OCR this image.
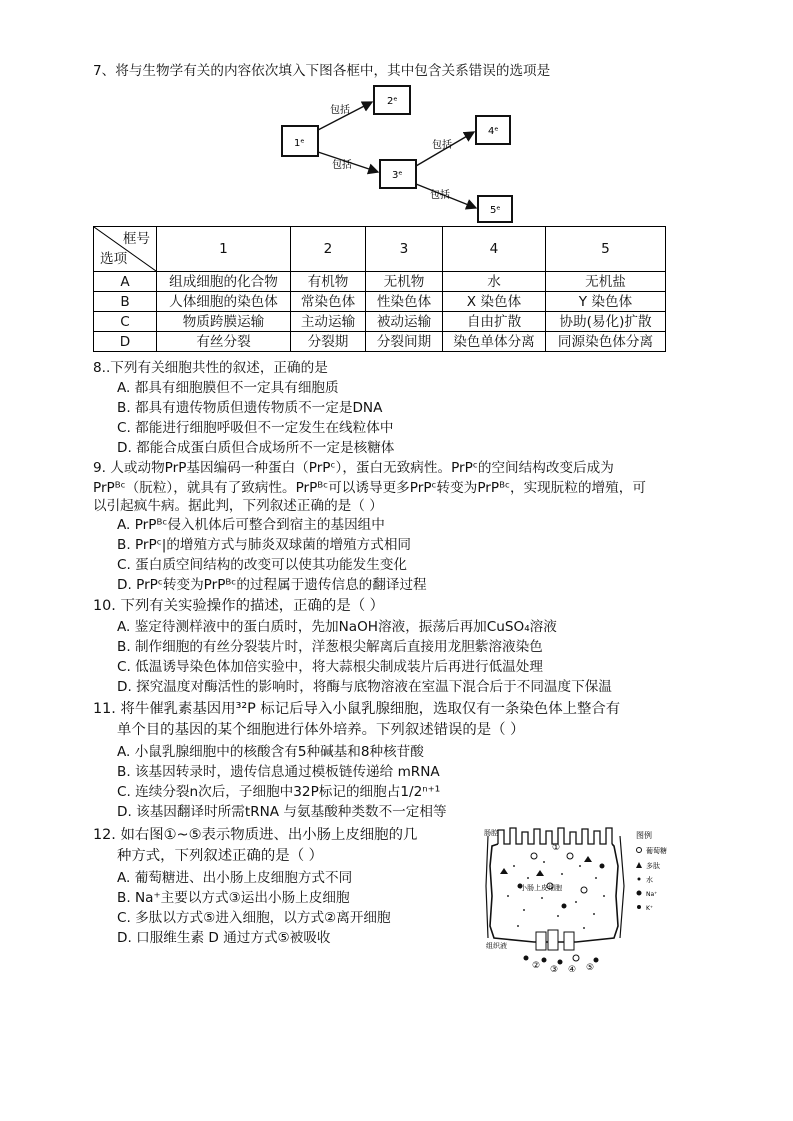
7、将与生物学有关的内容依次填入下图各框中，其中包含关系错误的选项是
1ᵉ
2ᵉ
3ᵉ
4ᵉ
5ᵉ
包括
包括
包括
包括
框号
选项	1	2	3	4	5
A	组成细胞的化合物	有机物	无机物	水	无机盐
B	人体细胞的染色体	常染色体	性染色体	X 染色体	Y 染色体
C	物质跨膜运输	主动运输	被动运输	自由扩散	协助(易化)扩散
D	有丝分裂	分裂期	分裂间期	染色单体分离	同源染色体分离
8..下列有关细胞共性的叙述，正确的是
A. 都具有细胞膜但不一定具有细胞质
B. 都具有遗传物质但遗传物质不一定是DNA
C. 都能进行细胞呼吸但不一定发生在线粒体中
D. 都能合成蛋白质但合成场所不一定是核糖体
9. 人或动物PrP基因编码一种蛋白（PrPᶜ），蛋白无致病性。PrPᶜ的空间结构改变后成为
PrPᴮᶜ（朊粒），就具有了致病性。PrPᴮᶜ可以诱导更多PrPᶜ转变为PrPᴮᶜ，实现朊粒的增殖，可
以引起疯牛病。据此判，下列叙述正确的是（ ）
A. PrPᴮᶜ侵入机体后可整合到宿主的基因组中
B. PrPᶜ|的增殖方式与肺炎双球菌的增殖方式相同
C. 蛋白质空间结构的改变可以使其功能发生变化
D. PrPᶜ转变为PrPᴮᶜ的过程属于遗传信息的翻译过程
10. 下列有关实验操作的描述，正确的是（ ）
A. 鉴定待测样液中的蛋白质时，先加NaOH溶液，振荡后再加CuSO₄溶液
B. 制作细胞的有丝分裂装片时，洋葱根尖解离后直接用龙胆紫溶液染色
C. 低温诱导染色体加倍实验中，将大蒜根尖制成装片后再进行低温处理
D. 探究温度对酶活性的影响时，将酶与底物溶液在室温下混合后于不同温度下保温
11. 将牛催乳素基因用³²P 标记后导入小鼠乳腺细胞，选取仅有一条染色体上整合有
单个目的基因的某个细胞进行体外培养。下列叙述错误的是（ ）
A. 小鼠乳腺细胞中的核酸含有5种碱基和8种核苷酸
B. 该基因转录时，遗传信息通过模板链传递给 mRNA
C. 连续分裂n次后，子细胞中32P标记的细胞占1/2ⁿ⁺¹
D. 该基因翻译时所需tRNA 与氨基酸种类数不一定相等
12. 如右图①~⑤表示物质进、出小肠上皮细胞的几
种方式，下列叙述正确的是（ ）
A. 葡萄糖进、出小肠上皮细胞方式不同
B. Na⁺主要以方式③运出小肠上皮细胞
C. 多肽以方式⑤进入细胞，以方式②离开细胞
D. 口服维生素 D 通过方式⑤被吸收
肠腔
小肠上皮细胞
组织液
①
② ③ ④ ⑤
图例
葡萄糖
多肽
水
Na⁺
K⁺
